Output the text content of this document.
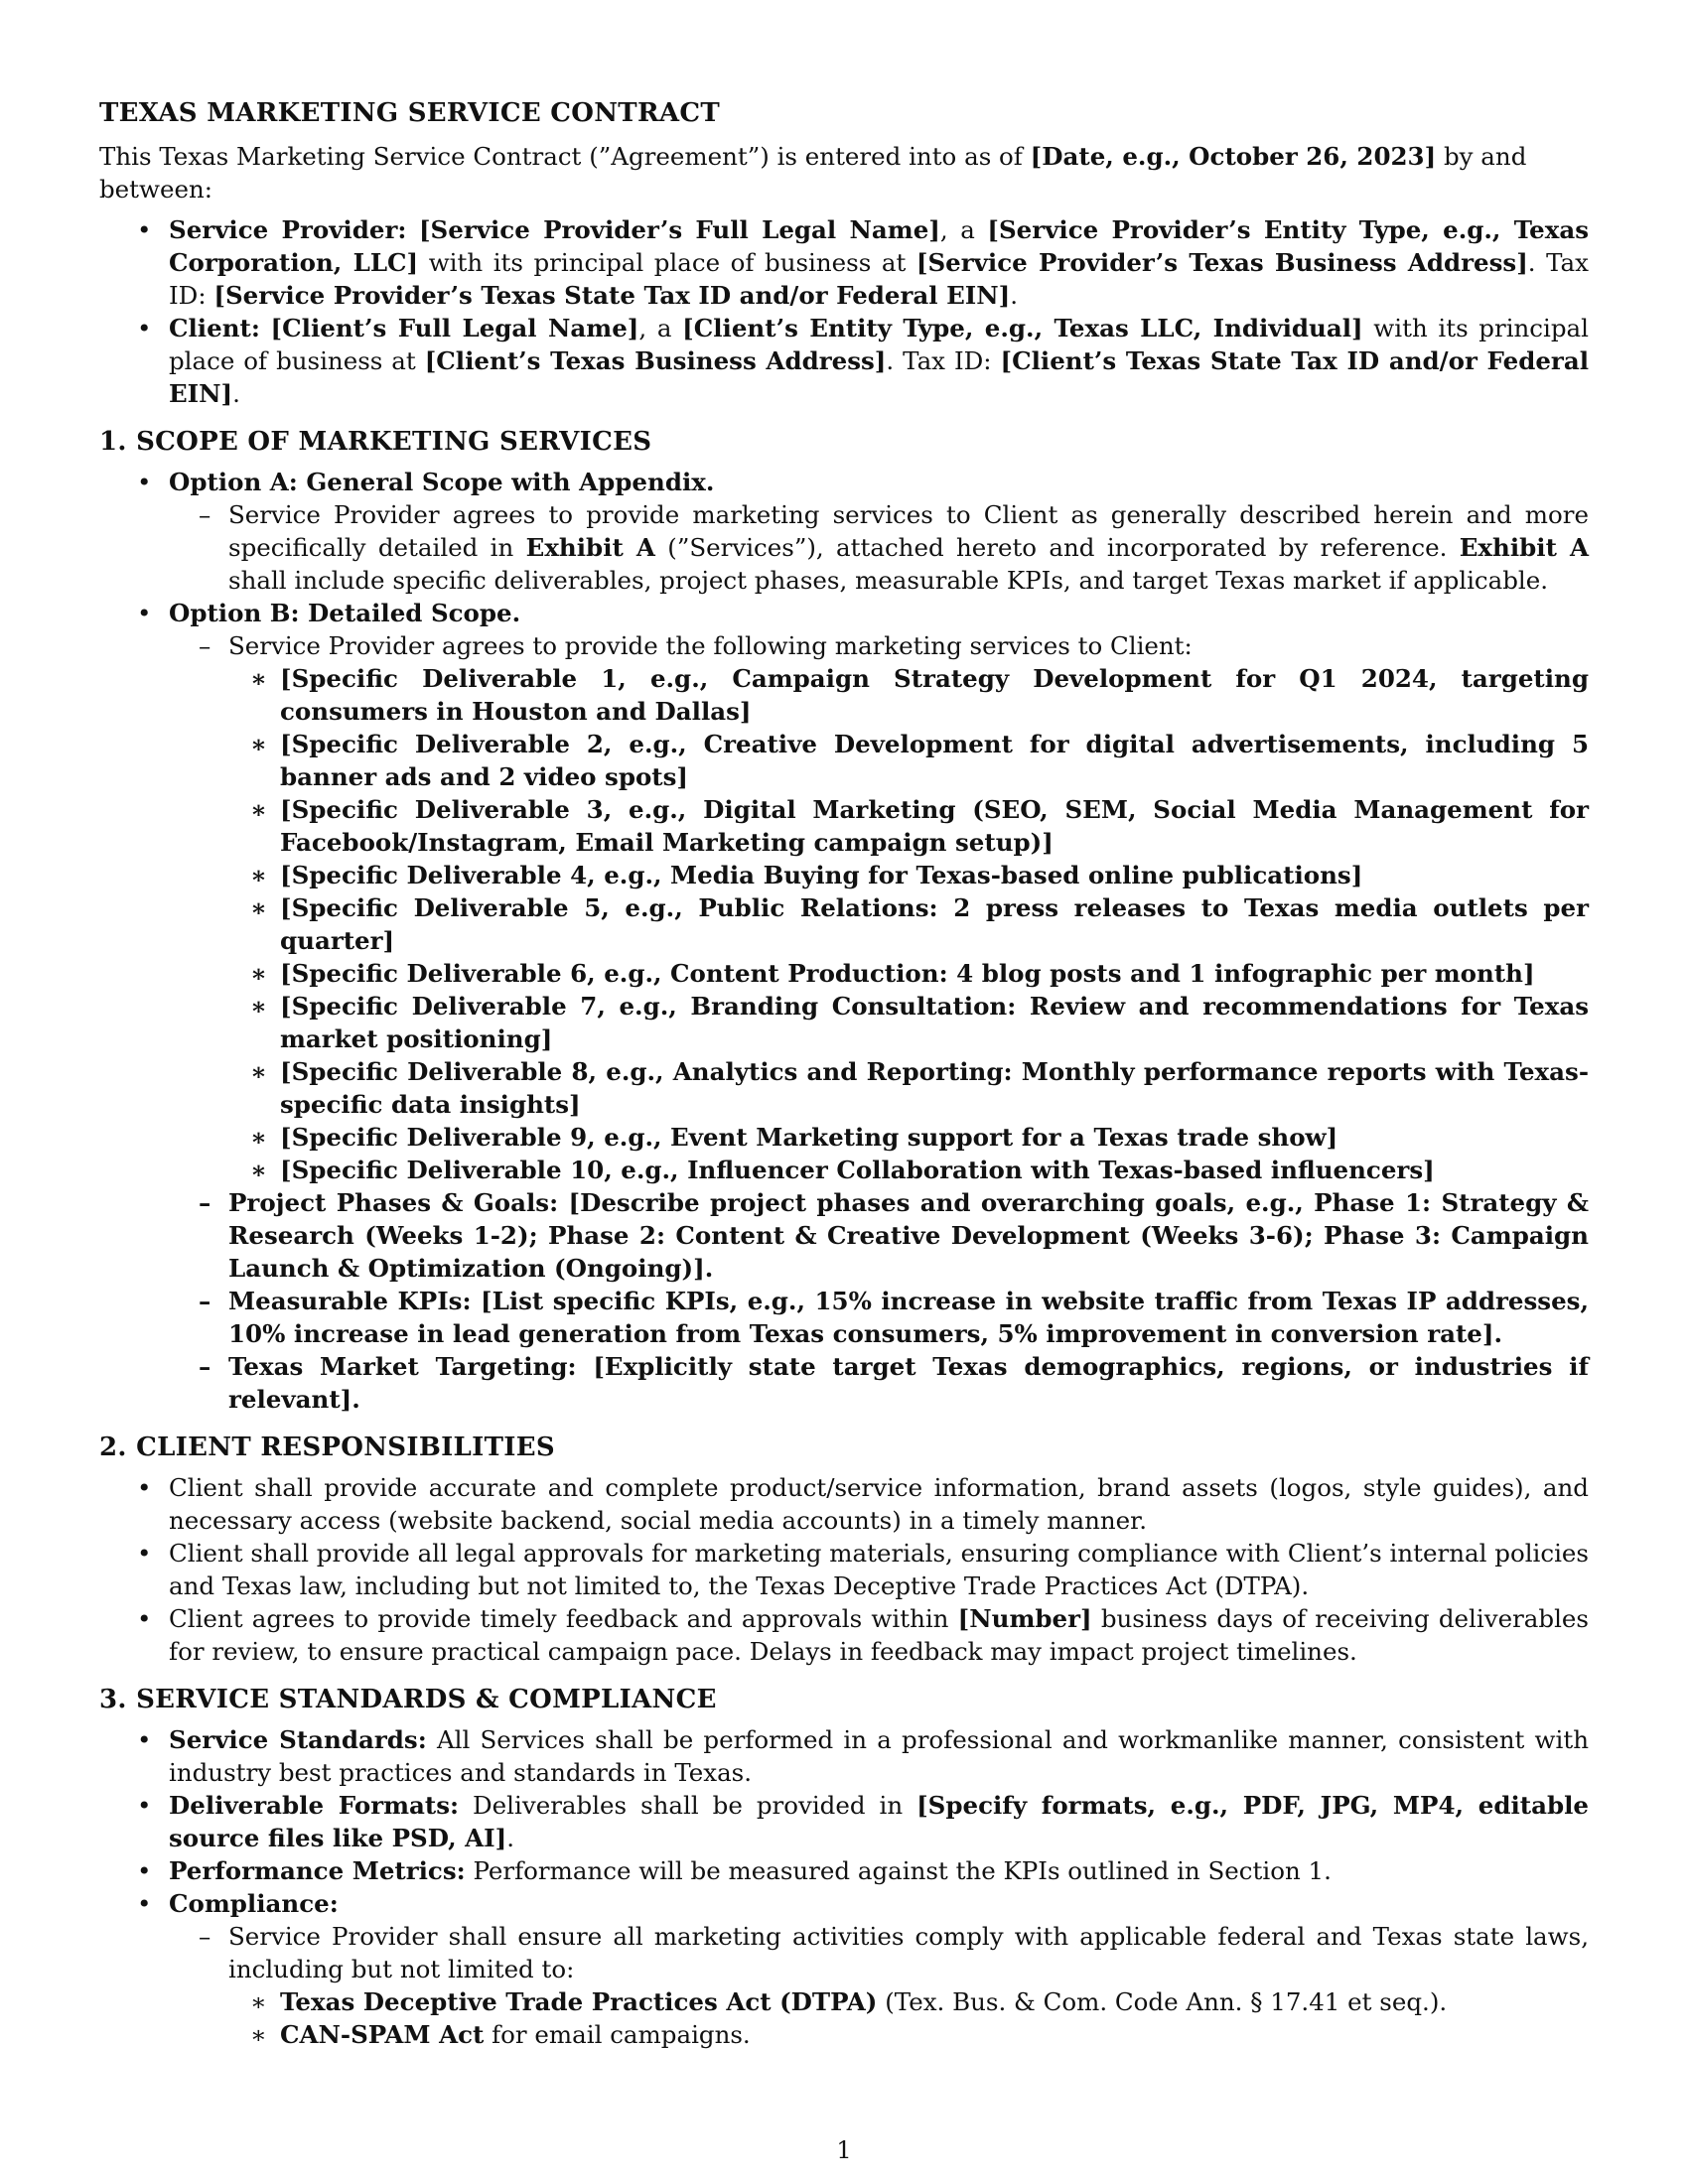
TEXAS MARKETING SERVICE CONTRACT

This Texas Marketing Service Contract (”Agreement”) is entered into as of [Date, e.g., October 26, 2023] by and between:

• Service Provider: [Service Provider’s Full Legal Name], a [Service Provider’s Entity Type, e.g., Texas Corporation, LLC] with its principal place of business at [Service Provider’s Texas Business Address]. Tax ID: [Service Provider’s Texas State Tax ID and/or Federal EIN].
• Client: [Client’s Full Legal Name], a [Client’s Entity Type, e.g., Texas LLC, Individual] with its principal place of business at [Client’s Texas Business Address]. Tax ID: [Client’s Texas State Tax ID and/or Federal EIN].
1. SCOPE OF MARKETING SERVICES
• Option A: General Scope with Appendix.
– Service Provider agrees to provide marketing services to Client as generally described herein and more specifically detailed in Exhibit A (”Services”), attached hereto and incorporated by reference. Exhibit A shall include specific deliverables, project phases, measurable KPIs, and target Texas market if applicable.
• Option B: Detailed Scope.
– Service Provider agrees to provide the following marketing services to Client:
∗ [Specific Deliverable 1, e.g., Campaign Strategy Development for Q1 2024, targeting consumers in Houston and Dallas]
∗ [Specific Deliverable 2, e.g., Creative Development for digital advertisements, including 5 banner ads and 2 video spots]
∗ [Specific Deliverable 3, e.g., Digital Marketing (SEO, SEM, Social Media Management for Facebook/Instagram, Email Marketing campaign setup)]
∗ [Specific Deliverable 4, e.g., Media Buying for Texas-based online publications]
∗ [Specific Deliverable 5, e.g., Public Relations: 2 press releases to Texas media outlets per quarter]
∗ [Specific Deliverable 6, e.g., Content Production: 4 blog posts and 1 infographic per month]
∗ [Specific Deliverable 7, e.g., Branding Consultation: Review and recommendations for Texas market positioning]
∗ [Specific Deliverable 8, e.g., Analytics and Reporting: Monthly performance reports with Texas-specific data insights]
∗ [Specific Deliverable 9, e.g., Event Marketing support for a Texas trade show]
∗ [Specific Deliverable 10, e.g., Influencer Collaboration with Texas-based influencers]
– Project Phases & Goals: [Describe project phases and overarching goals, e.g., Phase 1: Strategy & Research (Weeks 1-2); Phase 2: Content & Creative Development (Weeks 3-6); Phase 3: Campaign Launch & Optimization (Ongoing)].
– Measurable KPIs: [List specific KPIs, e.g., 15% increase in website traffic from Texas IP addresses, 10% increase in lead generation from Texas consumers, 5% improvement in conversion rate].
– Texas Market Targeting: [Explicitly state target Texas demographics, regions, or industries if relevant].
2. CLIENT RESPONSIBILITIES
• Client shall provide accurate and complete product/service information, brand assets (logos, style guides), and necessary access (website backend, social media accounts) in a timely manner.
• Client shall provide all legal approvals for marketing materials, ensuring compliance with Client’s internal policies and Texas law, including but not limited to, the Texas Deceptive Trade Practices Act (DTPA).
• Client agrees to provide timely feedback and approvals within [Number] business days of receiving deliverables for review, to ensure practical campaign pace. Delays in feedback may impact project timelines.
3. SERVICE STANDARDS & COMPLIANCE
• Service Standards: All Services shall be performed in a professional and workmanlike manner, consistent with industry best practices and standards in Texas.
• Deliverable Formats: Deliverables shall be provided in [Specify formats, e.g., PDF, JPG, MP4, editable source files like PSD, AI].
• Performance Metrics: Performance will be measured against the KPIs outlined in Section 1.
• Compliance:
– Service Provider shall ensure all marketing activities comply with applicable federal and Texas state laws, including but not limited to:
∗ Texas Deceptive Trade Practices Act (DTPA) (Tex. Bus. & Com. Code Ann. § 17.41 et seq.).
∗ CAN-SPAM Act for email campaigns.
1
